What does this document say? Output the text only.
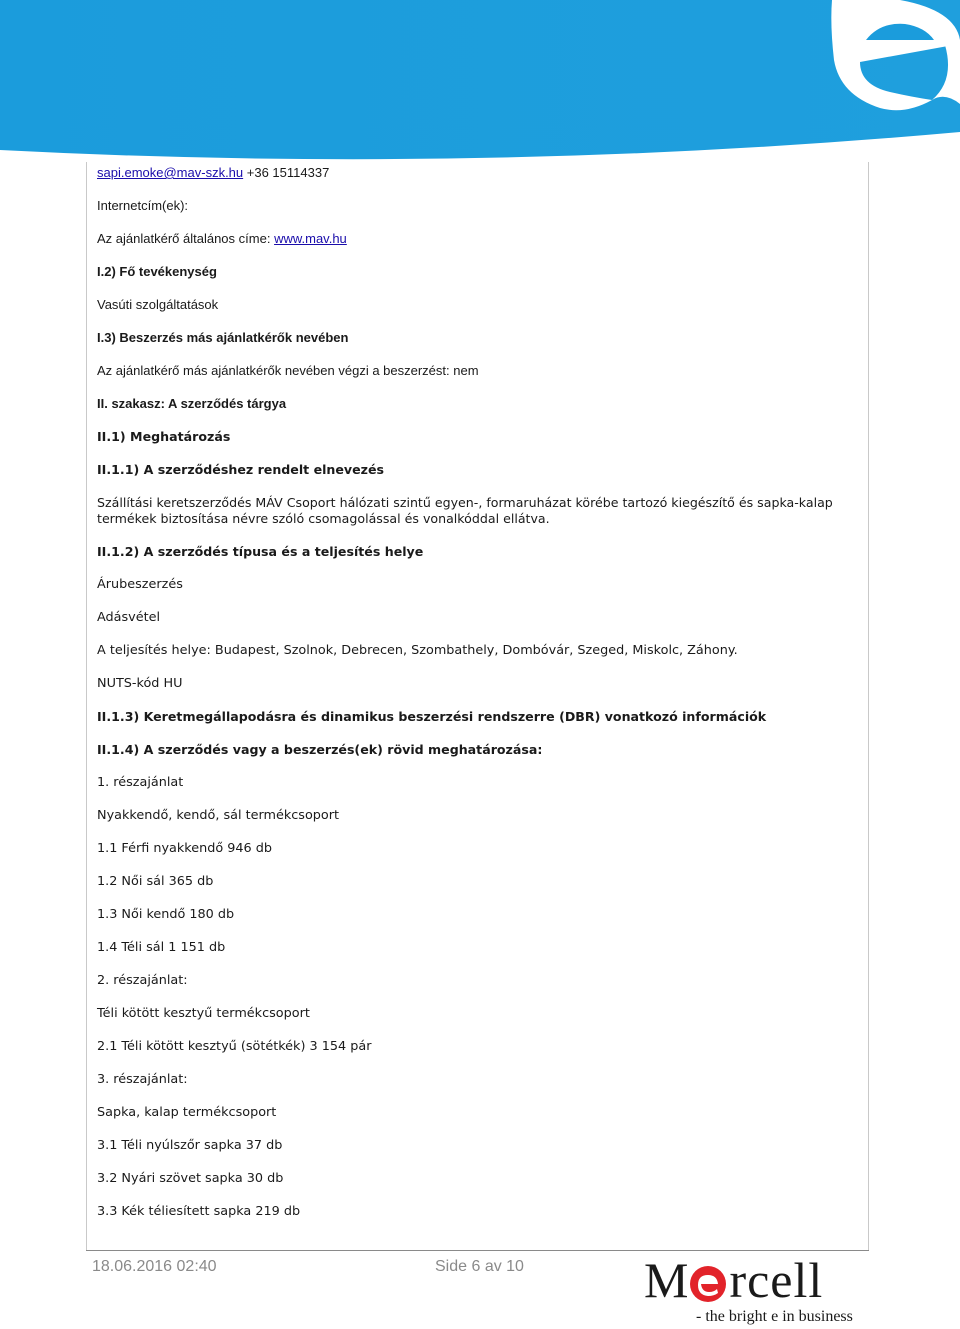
sapi.emoke@mav-szk.hu +36 15114337
Internetcím(ek):
Az ajánlatkérő általános címe: www.mav.hu
I.2) Fő tevékenység
Vasúti szolgáltatások
I.3) Beszerzés más ajánlatkérők nevében
Az ajánlatkérő más ajánlatkérők nevében végzi a beszerzést: nem
II. szakasz: A szerződés tárgya
II.1) Meghatározás
II.1.1) A szerződéshez rendelt elnevezés
Szállítási keretszerződés MÁV Csoport hálózati szintű egyen-, formaruházat körébe tartozó kiegészítő és sapka-kalap termékek biztosítása névre szóló csomagolással és vonalkóddal ellátva.
II.1.2) A szerződés típusa és a teljesítés helye
Árubeszerzés
Adásvétel
A teljesítés helye: Budapest, Szolnok, Debrecen, Szombathely, Dombóvár, Szeged, Miskolc, Záhony.
NUTS-kód HU
II.1.3) Keretmegállapodásra és dinamikus beszerzési rendszerre (DBR) vonatkozó információk
II.1.4) A szerződés vagy a beszerzés(ek) rövid meghatározása:
1. részajánlat
Nyakkendő, kendő, sál termékcsoport
1.1 Férfi nyakkendő 946 db
1.2 Női sál 365 db
1.3 Női kendő 180 db
1.4 Téli sál 1 151 db
2. részajánlat:
Téli kötött kesztyű termékcsoport
2.1 Téli kötött kesztyű (sötétkék) 3 154 pár
3. részajánlat:
Sapka, kalap termékcsoport
3.1 Téli nyúlszőr sapka 37 db
3.2 Nyári szövet sapka 30 db
3.3 Kék téliesített sapka 219 db
18.06.2016 02:40	Side 6 av 10 M rcell
- the bright e in business
